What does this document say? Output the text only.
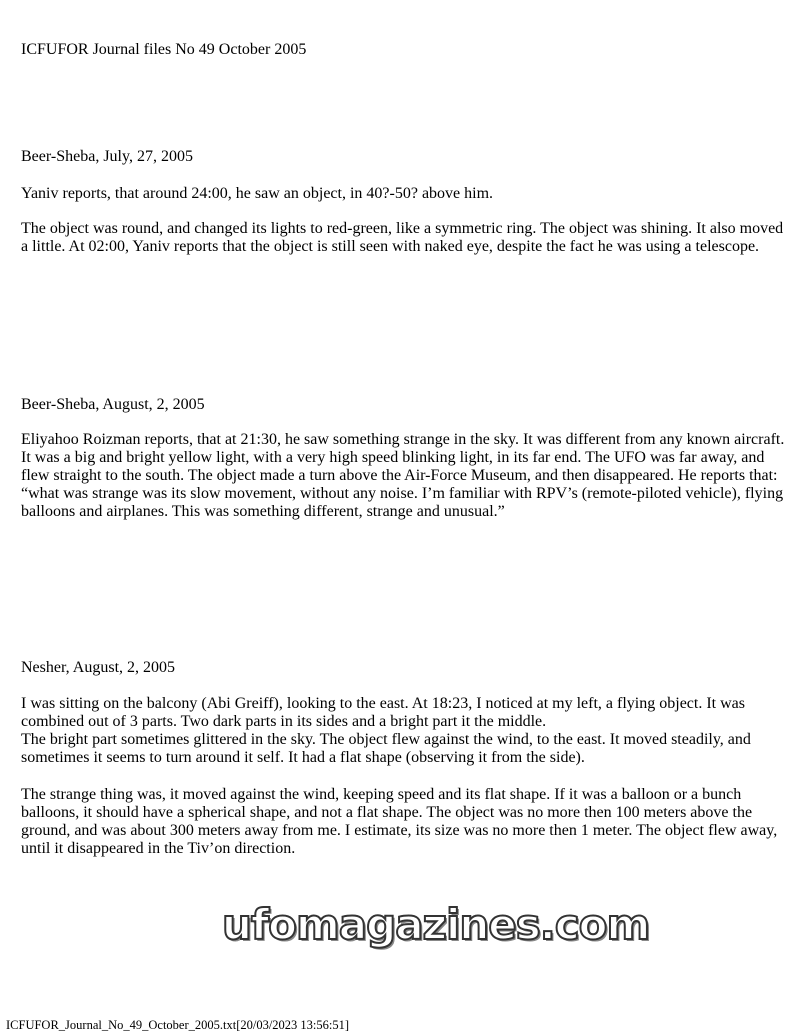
ICFUFOR Journal files No 49 October 2005
Beer-Sheba, July, 27, 2005
Yaniv reports, that around 24:00, he saw an object, in 40?-50? above him.
The object was round, and changed its lights to red-green, like a symmetric ring. The object was shining. It also moved
a little. At 02:00, Yaniv reports that the object is still seen with naked eye, despite the fact he was using a telescope.
Beer-Sheba, August, 2, 2005
Eliyahoo Roizman reports, that at 21:30, he saw something strange in the sky. It was different from any known aircraft.
It was a big and bright yellow light, with a very high speed blinking light, in its far end. The UFO was far away, and
flew straight to the south. The object made a turn above the Air-Force Museum, and then disappeared. He reports that:
“what was strange was its slow movement, without any noise. I’m familiar with RPV’s (remote-piloted vehicle), flying
balloons and airplanes. This was something different, strange and unusual.”
Nesher, August, 2, 2005
I was sitting on the balcony (Abi Greiff), looking to the east. At 18:23, I noticed at my left, a flying object. It was
combined out of 3 parts. Two dark parts in its sides and a bright part it the middle.
The bright part sometimes glittered in the sky. The object flew against the wind, to the east. It moved steadily, and
sometimes it seems to turn around it self. It had a flat shape (observing it from the side).
The strange thing was, it moved against the wind, keeping speed and its flat shape. If it was a balloon or a bunch
balloons, it should have a spherical shape, and not a flat shape. The object was no more then 100 meters above the
ground, and was about 300 meters away from me. I estimate, its size was no more then 1 meter. The object flew away,
until it disappeared in the Tiv’on direction.
ufomagazines.com
ICFUFOR_Journal_No_49_October_2005.txt[20/03/2023 13:56:51]
